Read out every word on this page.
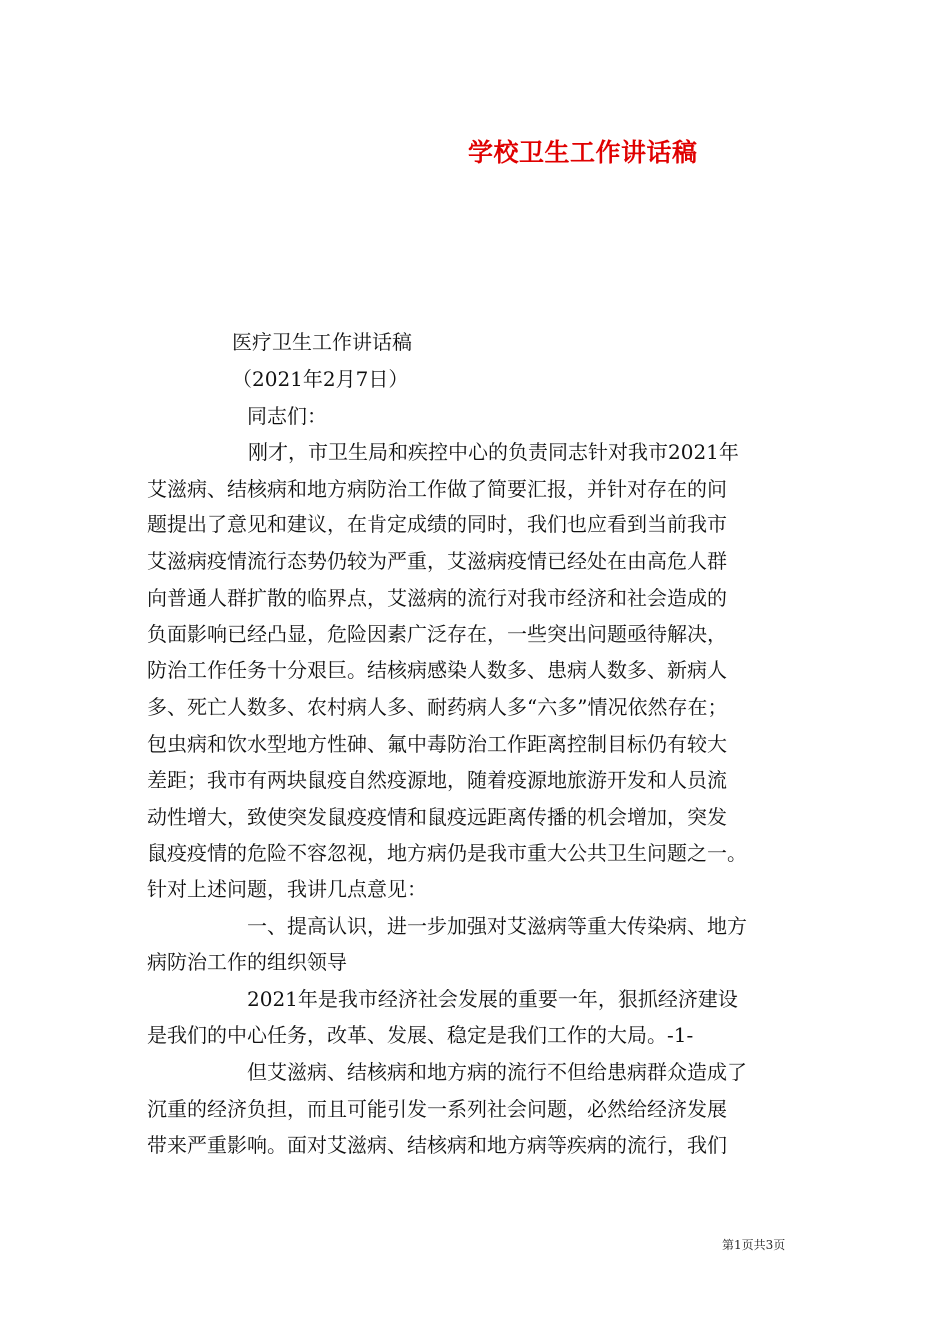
学校卫生工作讲话稿
医疗卫生工作讲话稿
（2021年2月7日）
同志们：
刚才，市卫生局和疾控中心的负责同志针对我市2021年
艾滋病、结核病和地方病防治工作做了简要汇报，并针对存在的问
题提出了意见和建议，在肯定成绩的同时，我们也应看到当前我市
艾滋病疫情流行态势仍较为严重，艾滋病疫情已经处在由高危人群
向普通人群扩散的临界点，艾滋病的流行对我市经济和社会造成的
负面影响已经凸显，危险因素广泛存在，一些突出问题亟待解决，
防治工作任务十分艰巨。结核病感染人数多、患病人数多、新病人
多、死亡人数多、农村病人多、耐药病人多“六多”情况依然存在；
包虫病和饮水型地方性砷、氟中毒防治工作距离控制目标仍有较大
差距；我市有两块鼠疫自然疫源地，随着疫源地旅游开发和人员流
动性增大，致使突发鼠疫疫情和鼠疫远距离传播的机会增加，突发
鼠疫疫情的危险不容忽视，地方病仍是我市重大公共卫生问题之一。
针对上述问题，我讲几点意见：
一、提高认识，进一步加强对艾滋病等重大传染病、地方
病防治工作的组织领导
2021年是我市经济社会发展的重要一年，狠抓经济建设
是我们的中心任务，改革、发展、稳定是我们工作的大局。-1-
但艾滋病、结核病和地方病的流行不但给患病群众造成了
沉重的经济负担，而且可能引发一系列社会问题，必然给经济发展
带来严重影响。面对艾滋病、结核病和地方病等疾病的流行，我们
第1页共3页
